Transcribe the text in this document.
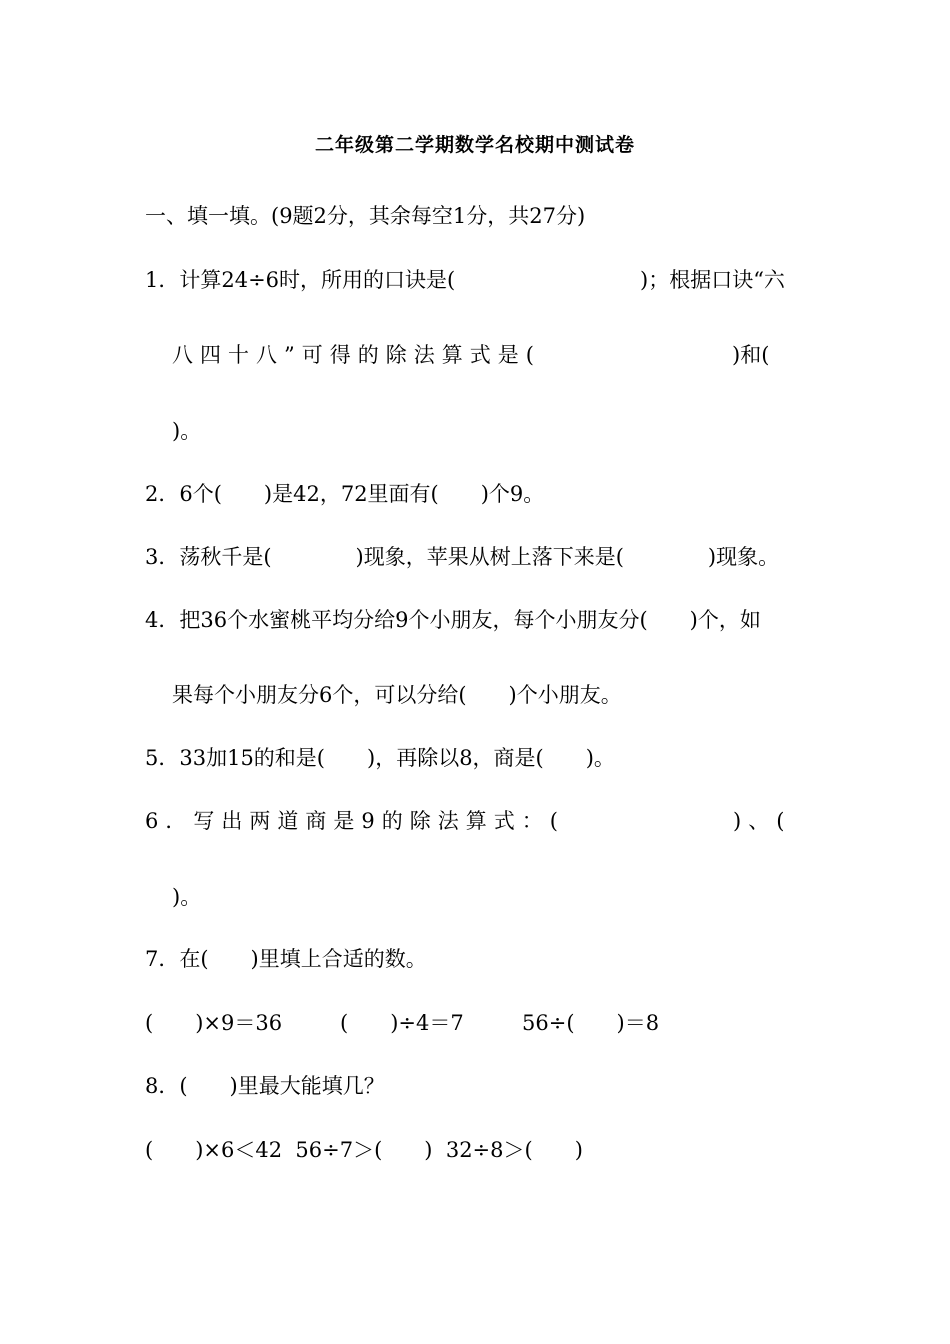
二年级第二学期数学名校期中测试卷
一、填一填。(9题2分，其余每空1分，共27分)
1．计算24÷6时，所用的口诀是(	)；根据口诀“六
八四十八”可得的除法算式是(	)和(
)。
2．6个(　　)是42，72里面有(　　)个9。
3．荡秋千是(　　　　)现象，苹果从树上落下来是(　　　　)现象。
4．把36个水蜜桃平均分给9个小朋友，每个小朋友分(　　)个，如
果每个小朋友分6个，可以分给(　　)个小朋友。
5．33加15的和是(　　)，再除以8，商是(　　)。
6．写出两道商是9的除法算式：(	)、(
)。
7．在(　　)里填上合适的数。
(　　)×9＝36	(　　)÷4＝7	56÷(　　)＝8
8．(　　)里最大能填几？
(　　)×6＜42  56÷7＞(　　)  32÷8＞(　　)
